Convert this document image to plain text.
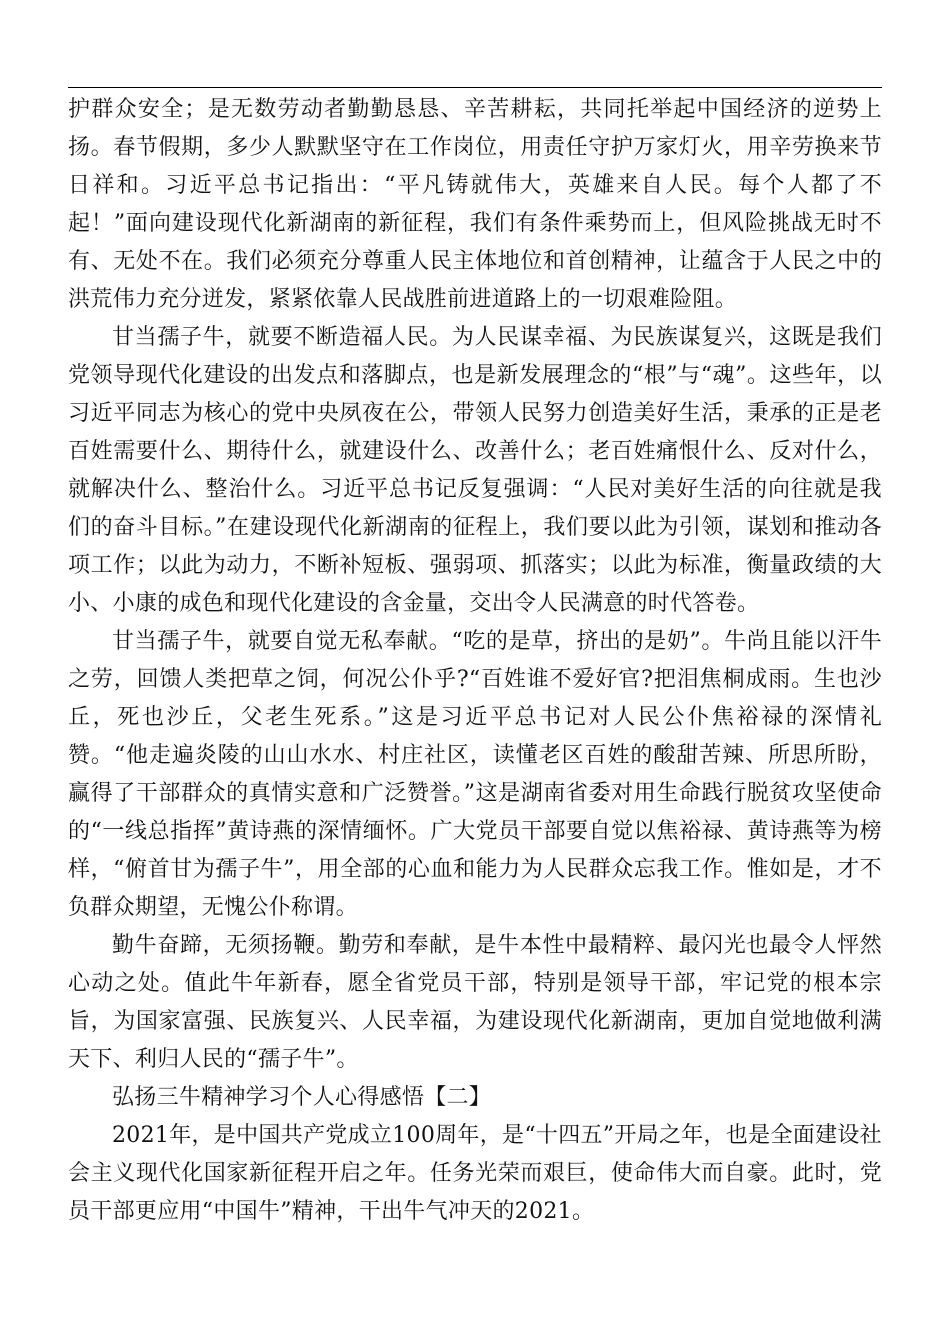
护群众安全；是无数劳动者勤勤恳恳、辛苦耕耘，共同托举起中国经济的逆势上扬。春节假期，多少人默默坚守在工作岗位，用责任守护万家灯火，用辛劳换来节日祥和。习近平总书记指出：“平凡铸就伟大，英雄来自人民。每个人都了不起！”面向建设现代化新湖南的新征程，我们有条件乘势而上，但风险挑战无时不有、无处不在。我们必须充分尊重人民主体地位和首创精神，让蕴含于人民之中的洪荒伟力充分迸发，紧紧依靠人民战胜前进道路上的一切艰难险阻。

甘当孺子牛，就要不断造福人民。为人民谋幸福、为民族谋复兴，这既是我们党领导现代化建设的出发点和落脚点，也是新发展理念的“根”与“魂”。这些年，以习近平同志为核心的党中央夙夜在公，带领人民努力创造美好生活，秉承的正是老百姓需要什么、期待什么，就建设什么、改善什么；老百姓痛恨什么、反对什么，就解决什么、整治什么。习近平总书记反复强调：“人民对美好生活的向往就是我们的奋斗目标。”在建设现代化新湖南的征程上，我们要以此为引领，谋划和推动各项工作；以此为动力，不断补短板、强弱项、抓落实；以此为标准，衡量政绩的大小、小康的成色和现代化建设的含金量，交出令人民满意的时代答卷。

甘当孺子牛，就要自觉无私奉献。“吃的是草，挤出的是奶”。牛尚且能以汗牛之劳，回馈人类把草之饲，何况公仆乎?“百姓谁不爱好官?把泪焦桐成雨。生也沙丘，死也沙丘，父老生死系。”这是习近平总书记对人民公仆焦裕禄的深情礼赞。“他走遍炎陵的山山水水、村庄社区，读懂老区百姓的酸甜苦辣、所思所盼，赢得了干部群众的真情实意和广泛赞誉。”这是湖南省委对用生命践行脱贫攻坚使命的“一线总指挥”黄诗燕的深情缅怀。广大党员干部要自觉以焦裕禄、黄诗燕等为榜样，“俯首甘为孺子牛”，用全部的心血和能力为人民群众忘我工作。惟如是，才不负群众期望，无愧公仆称谓。

勤牛奋蹄，无须扬鞭。勤劳和奉献，是牛本性中最精粹、最闪光也最令人怦然心动之处。值此牛年新春，愿全省党员干部，特别是领导干部，牢记党的根本宗旨，为国家富强、民族复兴、人民幸福，为建设现代化新湖南，更加自觉地做利满天下、利归人民的“孺子牛”。

弘扬三牛精神学习个人心得感悟【二】

2021年，是中国共产党成立100周年，是“十四五”开局之年，也是全面建设社会主义现代化国家新征程开启之年。任务光荣而艰巨，使命伟大而自豪。此时，党员干部更应用“中国牛”精神，干出牛气冲天的2021。
